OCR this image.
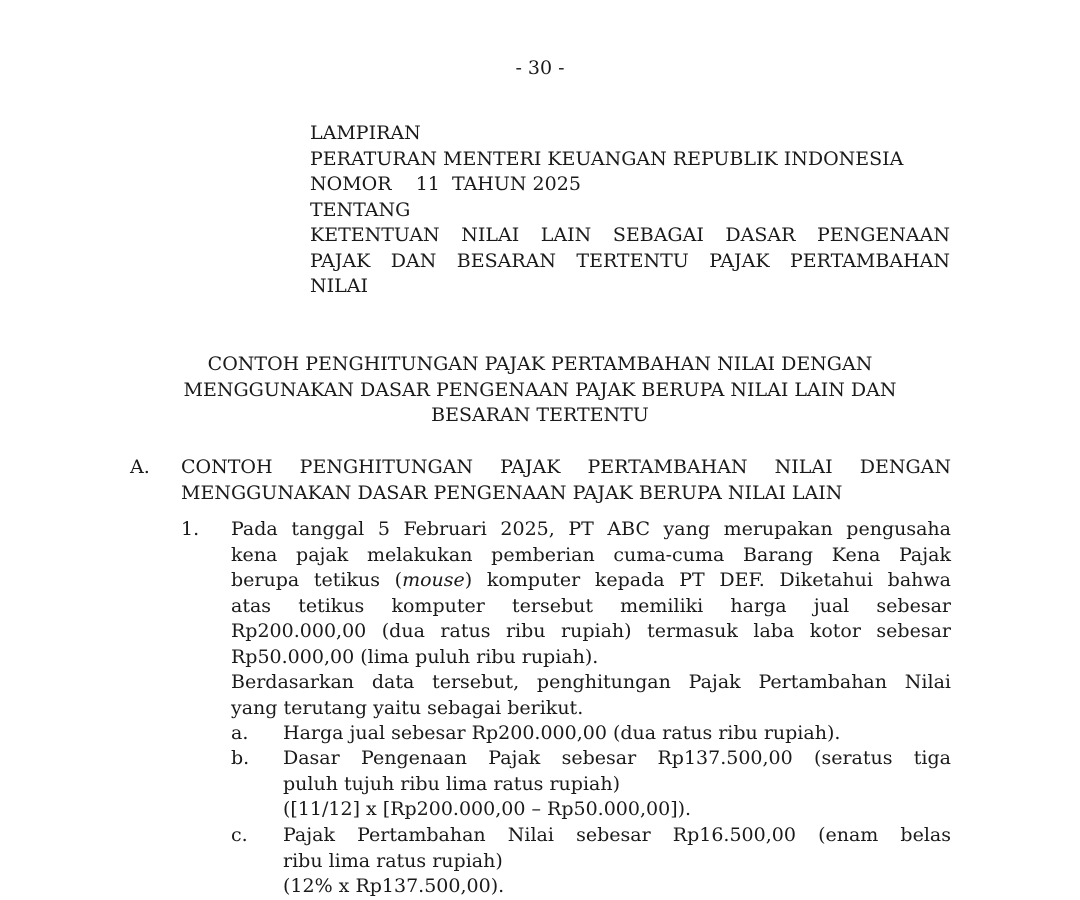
- 30 -
LAMPIRAN
PERATURAN MENTERI KEUANGAN REPUBLIK INDONESIA
NOMOR    11  TAHUN 2025
TENTANG
KETENTUAN NILAI LAIN SEBAGAI DASAR PENGENAAN
PAJAK DAN BESARAN TERTENTU PAJAK PERTAMBAHAN
NILAI
CONTOH PENGHITUNGAN PAJAK PERTAMBAHAN NILAI DENGAN
MENGGUNAKAN DASAR PENGENAAN PAJAK BERUPA NILAI LAIN DAN
BESARAN TERTENTU
A. CONTOH PENGHITUNGAN PAJAK PERTAMBAHAN NILAI DENGAN
MENGGUNAKAN DASAR PENGENAAN PAJAK BERUPA NILAI LAIN
1. Pada tanggal 5 Februari 2025, PT ABC yang merupakan pengusaha
kena pajak melakukan pemberian cuma-cuma Barang Kena Pajak
berupa tetikus (mouse) komputer kepada PT DEF. Diketahui bahwa
atas tetikus komputer tersebut memiliki harga jual sebesar
Rp200.000,00 (dua ratus ribu rupiah) termasuk laba kotor sebesar
Rp50.000,00 (lima puluh ribu rupiah).
Berdasarkan data tersebut, penghitungan Pajak Pertambahan Nilai
yang terutang yaitu sebagai berikut.
a. Harga jual sebesar Rp200.000,00 (dua ratus ribu rupiah).
b. Dasar Pengenaan Pajak sebesar Rp137.500,00 (seratus tiga
puluh tujuh ribu lima ratus rupiah)
([11/12] x [Rp200.000,00 – Rp50.000,00]).
c. Pajak Pertambahan Nilai sebesar Rp16.500,00 (enam belas
ribu lima ratus rupiah)
(12% x Rp137.500,00).
